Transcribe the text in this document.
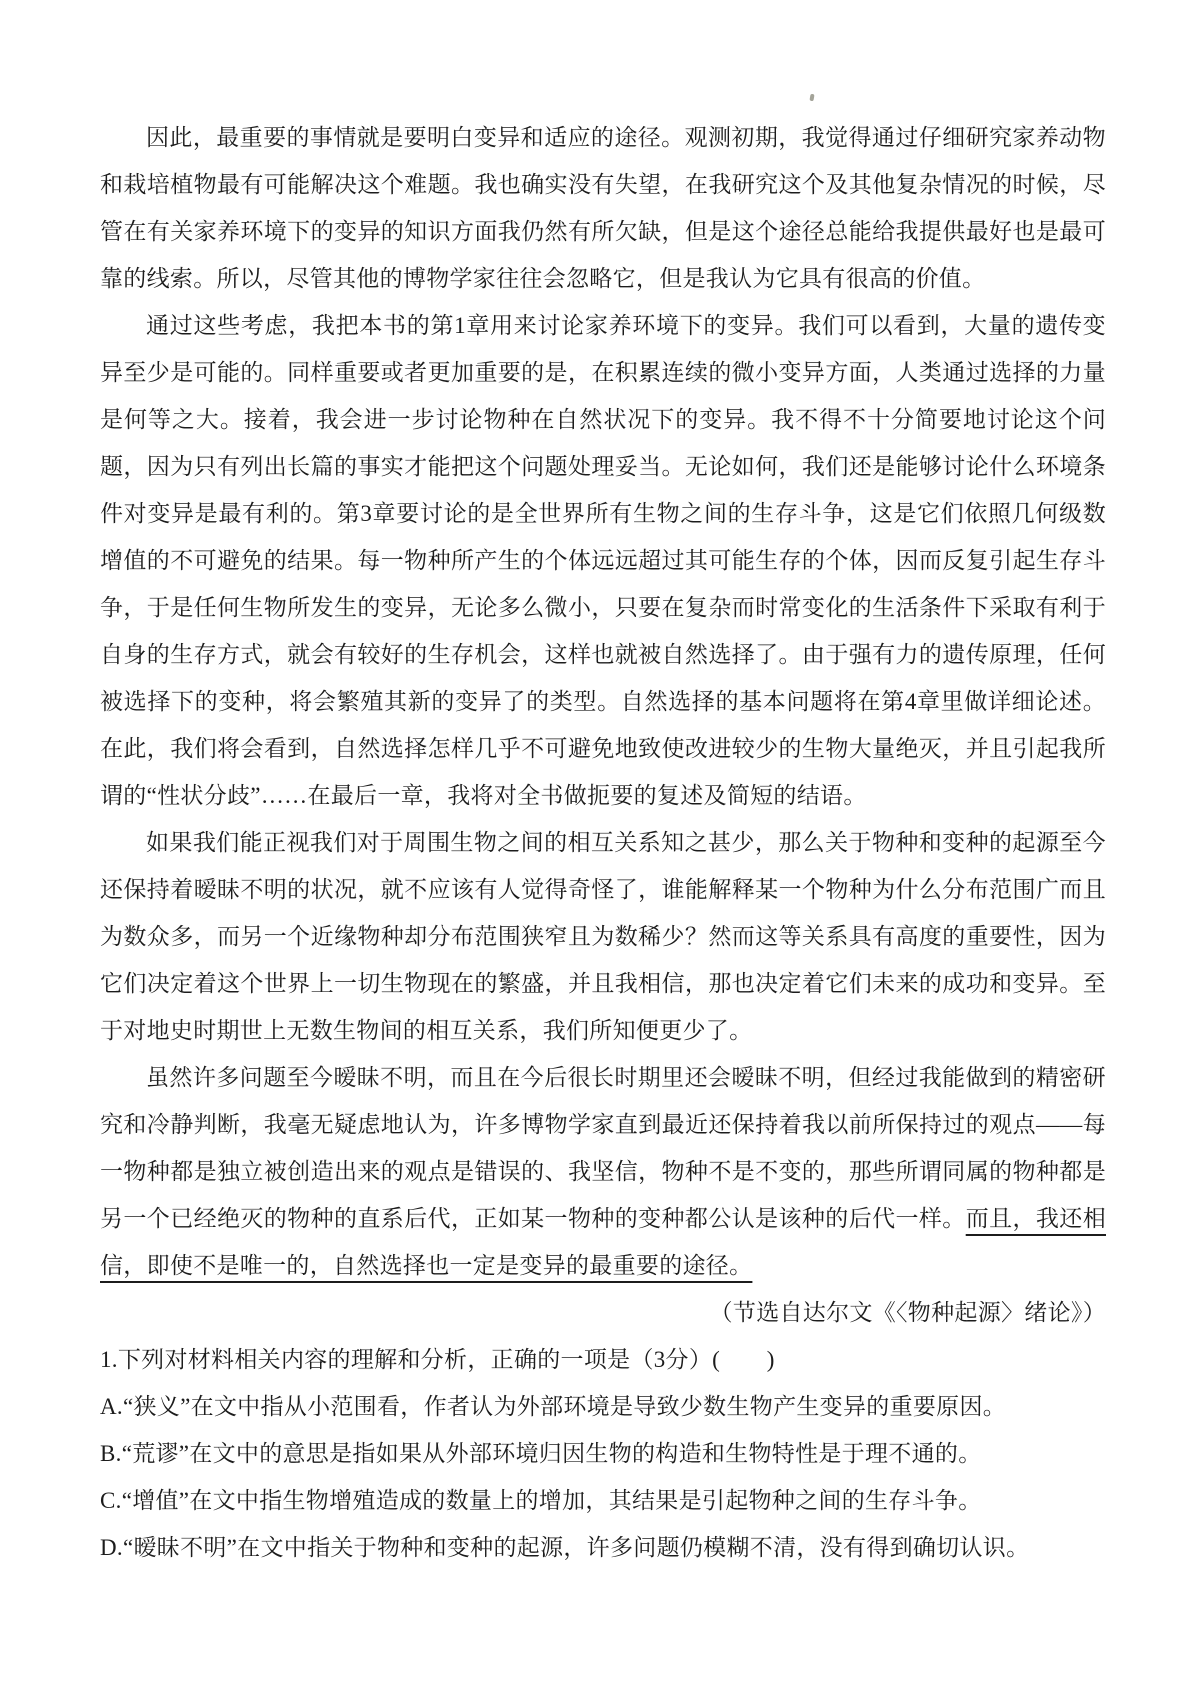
因此，最重要的事情就是要明白变异和适应的途径。观测初期，我觉得通过仔细研究家养动物和栽培植物最有可能解决这个难题。我也确实没有失望，在我研究这个及其他复杂情况的时候，尽管在有关家养环境下的变异的知识方面我仍然有所欠缺，但是这个途径总能给我提供最好也是最可靠的线索。所以，尽管其他的博物学家往往会忽略它，但是我认为它具有很高的价值。

通过这些考虑，我把本书的第1章用来讨论家养环境下的变异。我们可以看到，大量的遗传变异至少是可能的。同样重要或者更加重要的是，在积累连续的微小变异方面，人类通过选择的力量是何等之大。接着，我会进一步讨论物种在自然状况下的变异。我不得不十分简要地讨论这个问题，因为只有列出长篇的事实才能把这个问题处理妥当。无论如何，我们还是能够讨论什么环境条件对变异是最有利的。第3章要讨论的是全世界所有生物之间的生存斗争，这是它们依照几何级数增值的不可避免的结果。每一物种所产生的个体远远超过其可能生存的个体，因而反复引起生存斗争，于是任何生物所发生的变异，无论多么微小，只要在复杂而时常变化的生活条件下采取有利于自身的生存方式，就会有较好的生存机会，这样也就被自然选择了。由于强有力的遗传原理，任何被选择下的变种，将会繁殖其新的变异了的类型。自然选择的基本问题将在第4章里做详细论述。在此，我们将会看到，自然选择怎样几乎不可避免地致使改进较少的生物大量绝灭，并且引起我所谓的“性状分歧”……在最后一章，我将对全书做扼要的复述及简短的结语。

如果我们能正视我们对于周围生物之间的相互关系知之甚少，那么关于物种和变种的起源至今还保持着暧昧不明的状况，就不应该有人觉得奇怪了，谁能解释某一个物种为什么分布范围广而且为数众多，而另一个近缘物种却分布范围狭窄且为数稀少？然而这等关系具有高度的重要性，因为它们决定着这个世界上一切生物现在的繁盛，并且我相信，那也决定着它们未来的成功和变异。至于对地史时期世上无数生物间的相互关系，我们所知便更少了。

虽然许多问题至今暧昧不明，而且在今后很长时期里还会暧昧不明，但经过我能做到的精密研究和冷静判断，我毫无疑虑地认为，许多博物学家直到最近还保持着我以前所保持过的观点——每一物种都是独立被创造出来的观点是错误的、我坚信，物种不是不变的，那些所谓同属的物种都是另一个已经绝灭的物种的直系后代，正如某一物种的变种都公认是该种的后代一样。而且，我还相信，即使不是唯一的，自然选择也一定是变异的最重要的途径。

（节选自达尔文《〈物种起源〉绪论》）

1.下列对材料相关内容的理解和分析，正确的一项是（3分）(　　)

A.“狭义”在文中指从小范围看，作者认为外部环境是导致少数生物产生变异的重要原因。

B.“荒谬”在文中的意思是指如果从外部环境归因生物的构造和生物特性是于理不通的。

C.“增值”在文中指生物增殖造成的数量上的增加，其结果是引起物种之间的生存斗争。

D.“暧昧不明”在文中指关于物种和变种的起源，许多问题仍模糊不清，没有得到确切认识。
